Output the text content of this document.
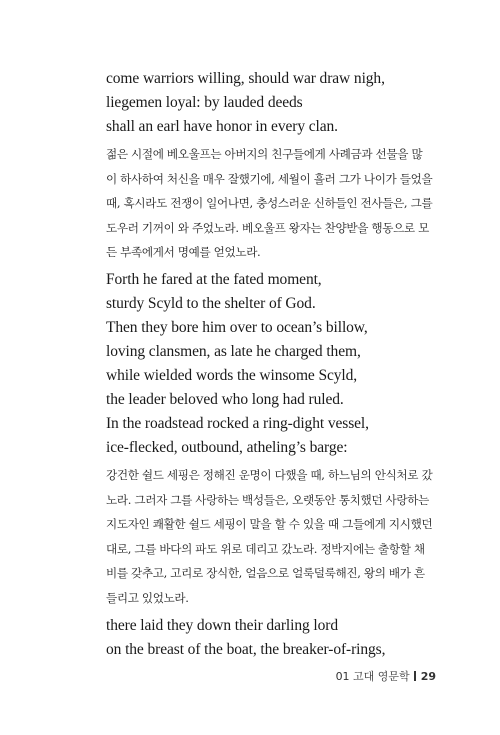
come warriors willing, should war draw nigh,
liegemen loyal: by lauded deeds
shall an earl have honor in every clan.
젊은 시절에 베오울프는 아버지의 친구들에게 사례금과 선물을 많
이 하사하여 처신을 매우 잘했기에, 세월이 흘러 그가 나이가 들었을
때, 혹시라도 전쟁이 일어나면, 충성스러운 신하들인 전사들은, 그를
도우러 기꺼이 와 주었노라. 베오울프 왕자는 찬양받을 행동으로 모
든 부족에게서 명예를 얻었노라.
Forth he fared at the fated moment,
sturdy Scyld to the shelter of God.
Then they bore him over to ocean’s billow,
loving clansmen, as late he charged them,
while wielded words the winsome Scyld,
the leader beloved who long had ruled.
In the roadstead rocked a ring-dight vessel,
ice-flecked, outbound, atheling’s barge:
강건한 쉴드 세핑은 정해진 운명이 다했을 때, 하느님의 안식처로 갔
노라. 그러자 그를 사랑하는 백성들은, 오랫동안 통치했던 사랑하는
지도자인 쾌활한 쉴드 세핑이 말을 할 수 있을 때 그들에게 지시했던
대로, 그를 바다의 파도 위로 데리고 갔노라. 정박지에는 출항할 채
비를 갖추고, 고리로 장식한, 얼음으로 얼룩덜룩해진, 왕의 배가 흔
들리고 있었노라.
there laid they down their darling lord
on the breast of the boat, the breaker-of-rings,
01 고대 영문학 29
